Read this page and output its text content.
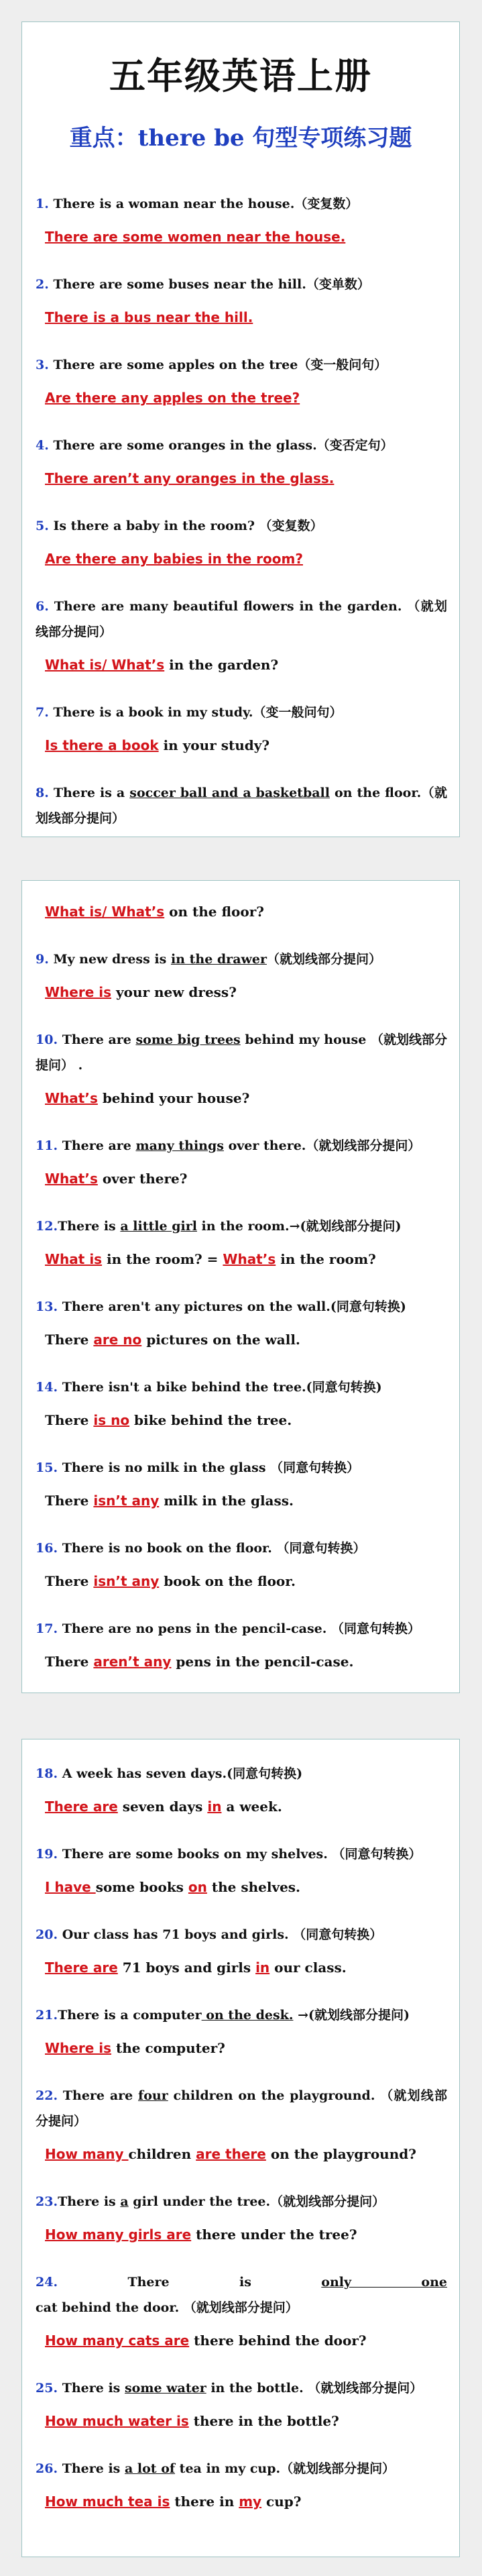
五年级英语上册
重点：there be 句型专项练习题

1. There is a woman near the house.（变复数）

There are some women near the house.

2. There are some buses near the hill.（变单数）

There is a bus near the hill.

3. There are some apples on the tree（变一般问句）

Are there any apples on the tree?

4. There are some oranges in the glass.（变否定句）

There aren’t any oranges in the glass.

5. Is there a baby in the room? （变复数）

Are there any babies in the room?

6. There are many beautiful flowers in the garden. （就划线部分提问）

What is/ What’s in the garden?

7. There is a book in my study.（变一般问句）

Is there a book in your study?

8. There is a soccer ball and a basketball on the floor.（就划线部分提问）

What is/ What’s on the floor?

9. My new dress is in the drawer（就划线部分提问）

Where is your new dress?

10. There are some big trees behind my house （就划线部分提问） .

What’s behind your house?

11. There are many things over there.（就划线部分提问）

What’s over there?

12.There is a little girl in the room.→(就划线部分提问)

What is in the room? = What’s in the room?

13. There aren't any pictures on the wall.(同意句转换)

There are no pictures on the wall.

14. There isn't a bike behind the tree.(同意句转换)

There is no bike behind the tree.

15. There is no milk in the glass （同意句转换）

There isn’t any milk in the glass.

16. There is no book on the floor. （同意句转换）

There isn’t any book on the floor.

17. There are no pens in the pencil-case. （同意句转换）

There aren’t any pens in the pencil-case.

18. A week has seven days.(同意句转换)

There are seven days in a week.

19. There are some books on my shelves. （同意句转换）

I have some books on the shelves.

20. Our class has 71 boys and girls. （同意句转换）

There are 71 boys and girls in our class.

21.There is a computer on the desk. →(就划线部分提问)

Where is the computer?

22. There are four children on the playground. （就划线部分提问）

How many children are there on the playground?

23.There is a girl under the tree.（就划线部分提问）

How many girls are there under the tree?

24.	There is only one cat behind the door. （就划线部分提问）

How many cats are there behind the door?

25. There is some water in the bottle. （就划线部分提问）

How much water is there in the bottle?

26. There is a lot of tea in my cup.（就划线部分提问）

How much tea is there in my cup?
